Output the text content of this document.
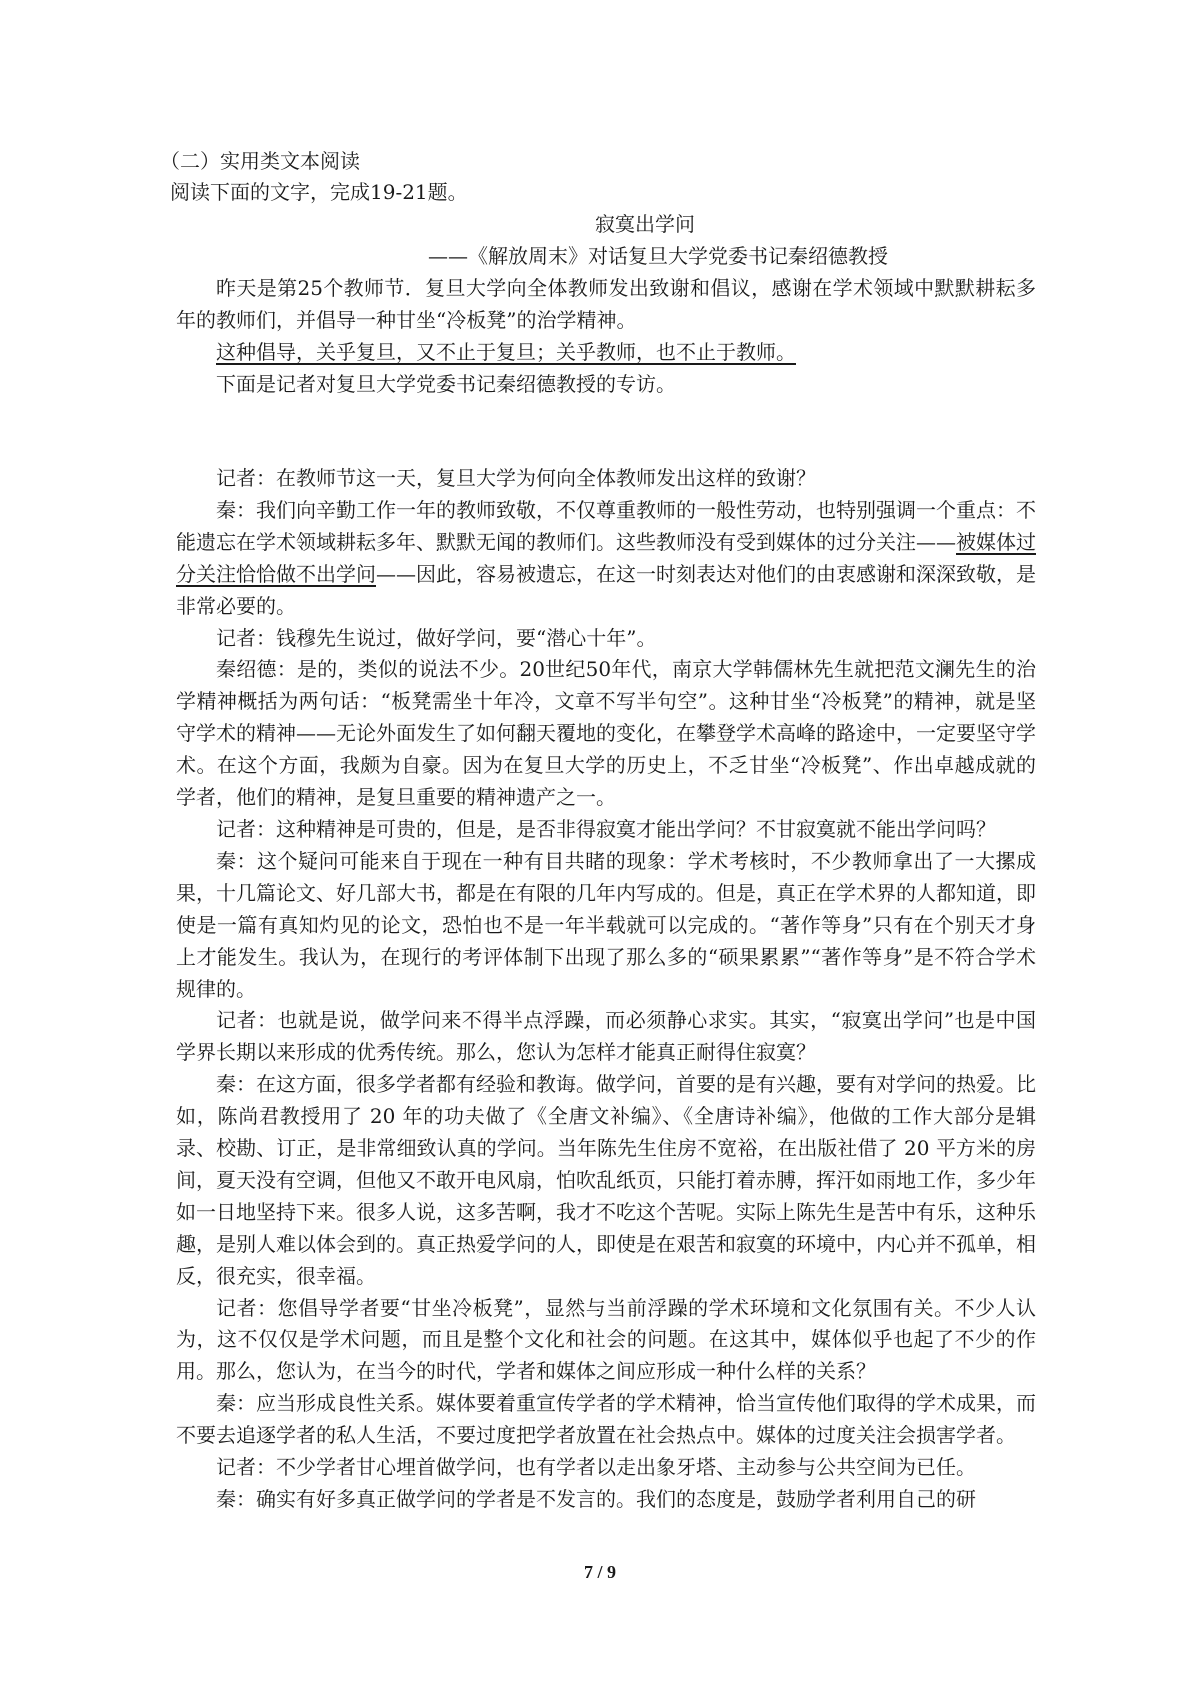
（二）实用类文本阅读

阅读下面的文字，完成19-21题。

寂寞出学问
——《解放周末》对话复旦大学党委书记秦绍德教授

昨天是第25个教师节．复旦大学向全体教师发出致谢和倡议，感谢在学术领域中默默耕耘多年的教师们，并倡导一种甘坐“冷板凳”的治学精神。

这种倡导，关乎复旦，又不止于复旦；关乎教师，也不止于教师。

下面是记者对复旦大学党委书记秦绍德教授的专访。

记者：在教师节这一天，复旦大学为何向全体教师发出这样的致谢？

秦：我们向辛勤工作一年的教师致敬，不仅尊重教师的一般性劳动，也特别强调一个重点：不能遗忘在学术领域耕耘多年、默默无闻的教师们。这些教师没有受到媒体的过分关注——被媒体过分关注恰恰做不出学问——因此，容易被遗忘，在这一时刻表达对他们的由衷感谢和深深致敬，是非常必要的。

记者：钱穆先生说过，做好学问，要“潜心十年”。

秦绍德：是的，类似的说法不少。20世纪50年代，南京大学韩儒林先生就把范文澜先生的治学精神概括为两句话：“板凳需坐十年冷，文章不写半句空”。这种甘坐“冷板凳”的精神，就是坚守学术的精神——无论外面发生了如何翻天覆地的变化，在攀登学术高峰的路途中，一定要坚守学术。在这个方面，我颇为自豪。因为在复旦大学的历史上，不乏甘坐“冷板凳”、作出卓越成就的学者，他们的精神，是复旦重要的精神遗产之一。

记者：这种精神是可贵的，但是，是否非得寂寞才能出学问？不甘寂寞就不能出学问吗？

秦：这个疑问可能来自于现在一种有目共睹的现象：学术考核时，不少教师拿出了一大摞成果，十几篇论文、好几部大书，都是在有限的几年内写成的。但是，真正在学术界的人都知道，即使是一篇有真知灼见的论文，恐怕也不是一年半载就可以完成的。“著作等身”只有在个别天才身上才能发生。我认为，在现行的考评体制下出现了那么多的“硕果累累”“著作等身”是不符合学术规律的。

记者：也就是说，做学问来不得半点浮躁，而必须静心求实。其实，“寂寞出学问”也是中国学界长期以来形成的优秀传统。那么，您认为怎样才能真正耐得住寂寞？

秦：在这方面，很多学者都有经验和教诲。做学问，首要的是有兴趣，要有对学问的热爱。比如，陈尚君教授用了 20 年的功夫做了《全唐文补编》、《全唐诗补编》，他做的工作大部分是辑录、校勘、订正，是非常细致认真的学问。当年陈先生住房不宽裕，在出版社借了 20 平方米的房间，夏天没有空调，但他又不敢开电风扇，怕吹乱纸页，只能打着赤膊，挥汗如雨地工作，多少年如一日地坚持下来。很多人说，这多苦啊，我才不吃这个苦呢。实际上陈先生是苦中有乐，这种乐趣，是别人难以体会到的。真正热爱学问的人，即使是在艰苦和寂寞的环境中，内心并不孤单，相反，很充实，很幸福。

记者：您倡导学者要“甘坐冷板凳”，显然与当前浮躁的学术环境和文化氛围有关。不少人认为，这不仅仅是学术问题，而且是整个文化和社会的问题。在这其中，媒体似乎也起了不少的作用。那么，您认为，在当今的时代，学者和媒体之间应形成一种什么样的关系？

秦：应当形成良性关系。媒体要着重宣传学者的学术精神，恰当宣传他们取得的学术成果，而不要去追逐学者的私人生活，不要过度把学者放置在社会热点中。媒体的过度关注会损害学者。

记者：不少学者甘心埋首做学问，也有学者以走出象牙塔、主动参与公共空间为已任。

秦：确实有好多真正做学问的学者是不发言的。我们的态度是，鼓励学者利用自己的研

7 / 9
